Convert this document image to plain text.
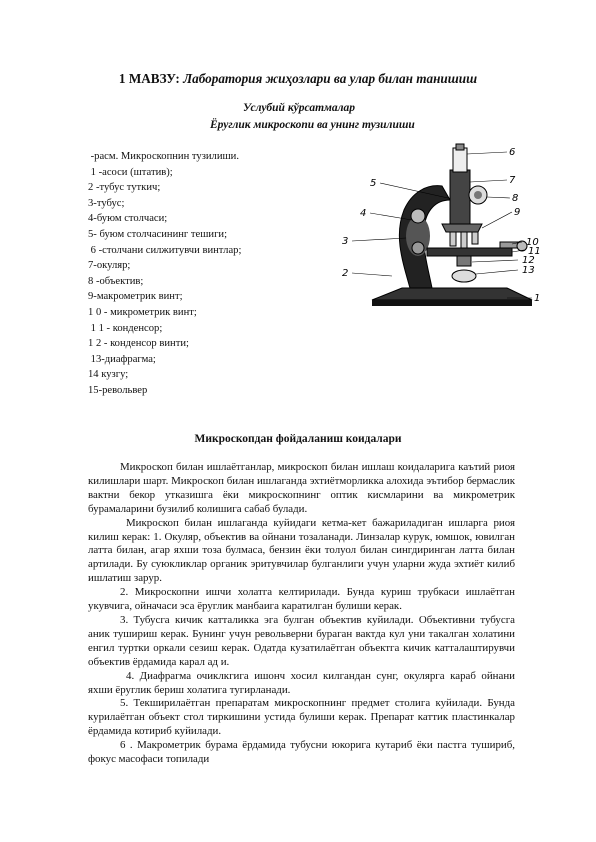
1 МАВЗУ: Лаборатория жиҳозлари ва улар билан танишиш
Услубий кўрсатмалар
Ёруглик микроскопи ва унинг тузилиши
-расм. Микроскопнин тузилиши.
1 -асоси (штатив);
2 -тубус туткич;
3-тубус;
4-буюм столчаси;
5- буюм столчасининг тешиги;
6 -столчани силжитувчи винтлар;
7-окуляр;
8 -объектив;
9-макрометрик винт;
1 0 - микрометрик винт;
1 1 - конденсор;
1 2 - конденсор винти;
13-диафрагма;
14 кузгу;
15-револьвер
1
2
3
4
5
6
7
8
9
10
11
12
13
Микроскопдан фойдаланиш коидалари

Микроскоп билан ишлаётганлар, микроскоп билан ишлаш коидаларига каътий риоя килишлари шарт. Микроскоп билан ишлаганда эхтиётморликка алохида эътибор бермаслик вактни бекор утказишга ёки микроскопнинг оптик кисмларини ва микрометрик бурамаларини бузилиб колишига сабаб булади.

Микроскоп билан ишлаганда куйидаги кетма-кет бажариладиган ишларга риоя килиш керак: 1. Окуляр, объектив ва ойнани тозаланади. Линзалар курук, юмшок, ювилган латта билан, агар яхши тоза булмаса, бензин ёки толуол билан сингдиринган латта билан артилади. Бу суюкликлар органик эритувчилар булганлиги учун уларни жуда эхтиёт килиб ишлатиш заруp.

2. Микроскопни ишчи холатга келтирилади. Бунда куриш трубкаси ишлаётган укувчига, ойначаси эса ёруглик манбаига каратилган булиши керак.

3. Тубусга кичик катталикка эга булган объектив куйилади. Объективни тубусга аник тушириш керак. Бунинг учун револьверни бураган вактда кул уни такалган холатини енгил туртки оркали сезиш керак. Одатда кузатилаётган объектга кичик катталаштирувчи объектив ёрдамида карал ад и.

4. Диафрагма очиклкгига ишонч хосил килгандан сунг, окулярга караб ойнани яхши ёруглик бериш холатига тугирланади.

5. Текширилаётган препаратам микроскопнинг предмет столига куйилади. Бунда курилаётган объект стол тиркишини устида булиши керак. Препарат каттик пластинкалар ёрдамида котириб куйилади.

6 . Макрометрик бурама ёрдамида тубусни юкорига кутариб ёки пастга тушириб, фокус масофаси топилади
